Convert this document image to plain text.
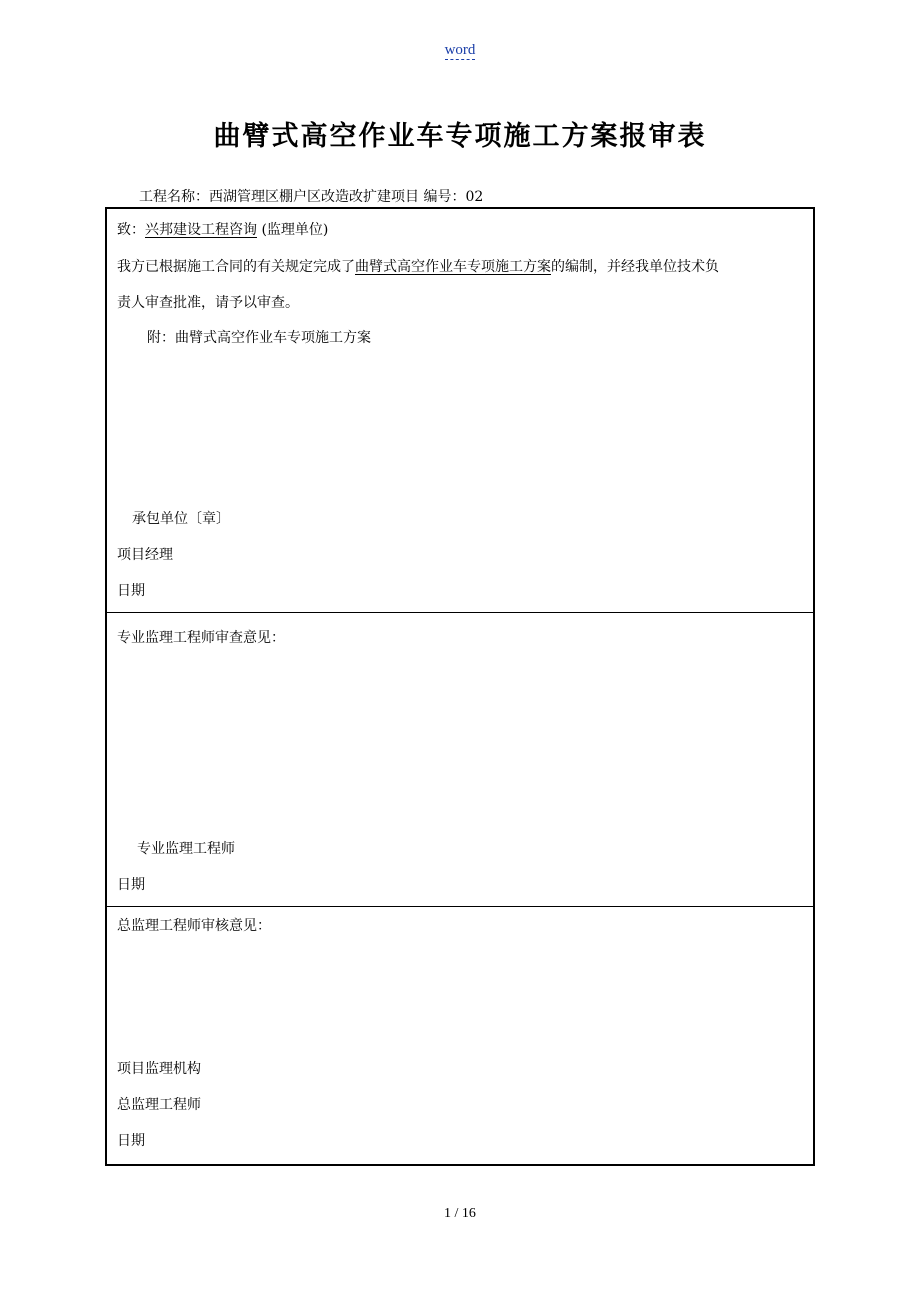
word
曲臂式高空作业车专项施工方案报审表
工程名称：西湖管理区棚户区改造改扩建项目 编号：02
致：兴邦建设工程咨询 (监理单位)
我方已根据施工合同的有关规定完成了曲臂式高空作业车专项施工方案的编制，并经我单位技术负
责人审查批准，请予以审查。
附：曲臂式高空作业车专项施工方案
承包单位〔章〕
项目经理
日期
专业监理工程师审查意见：
专业监理工程师
日期
总监理工程师审核意见：
项目监理机构
总监理工程师
日期
1 / 16
